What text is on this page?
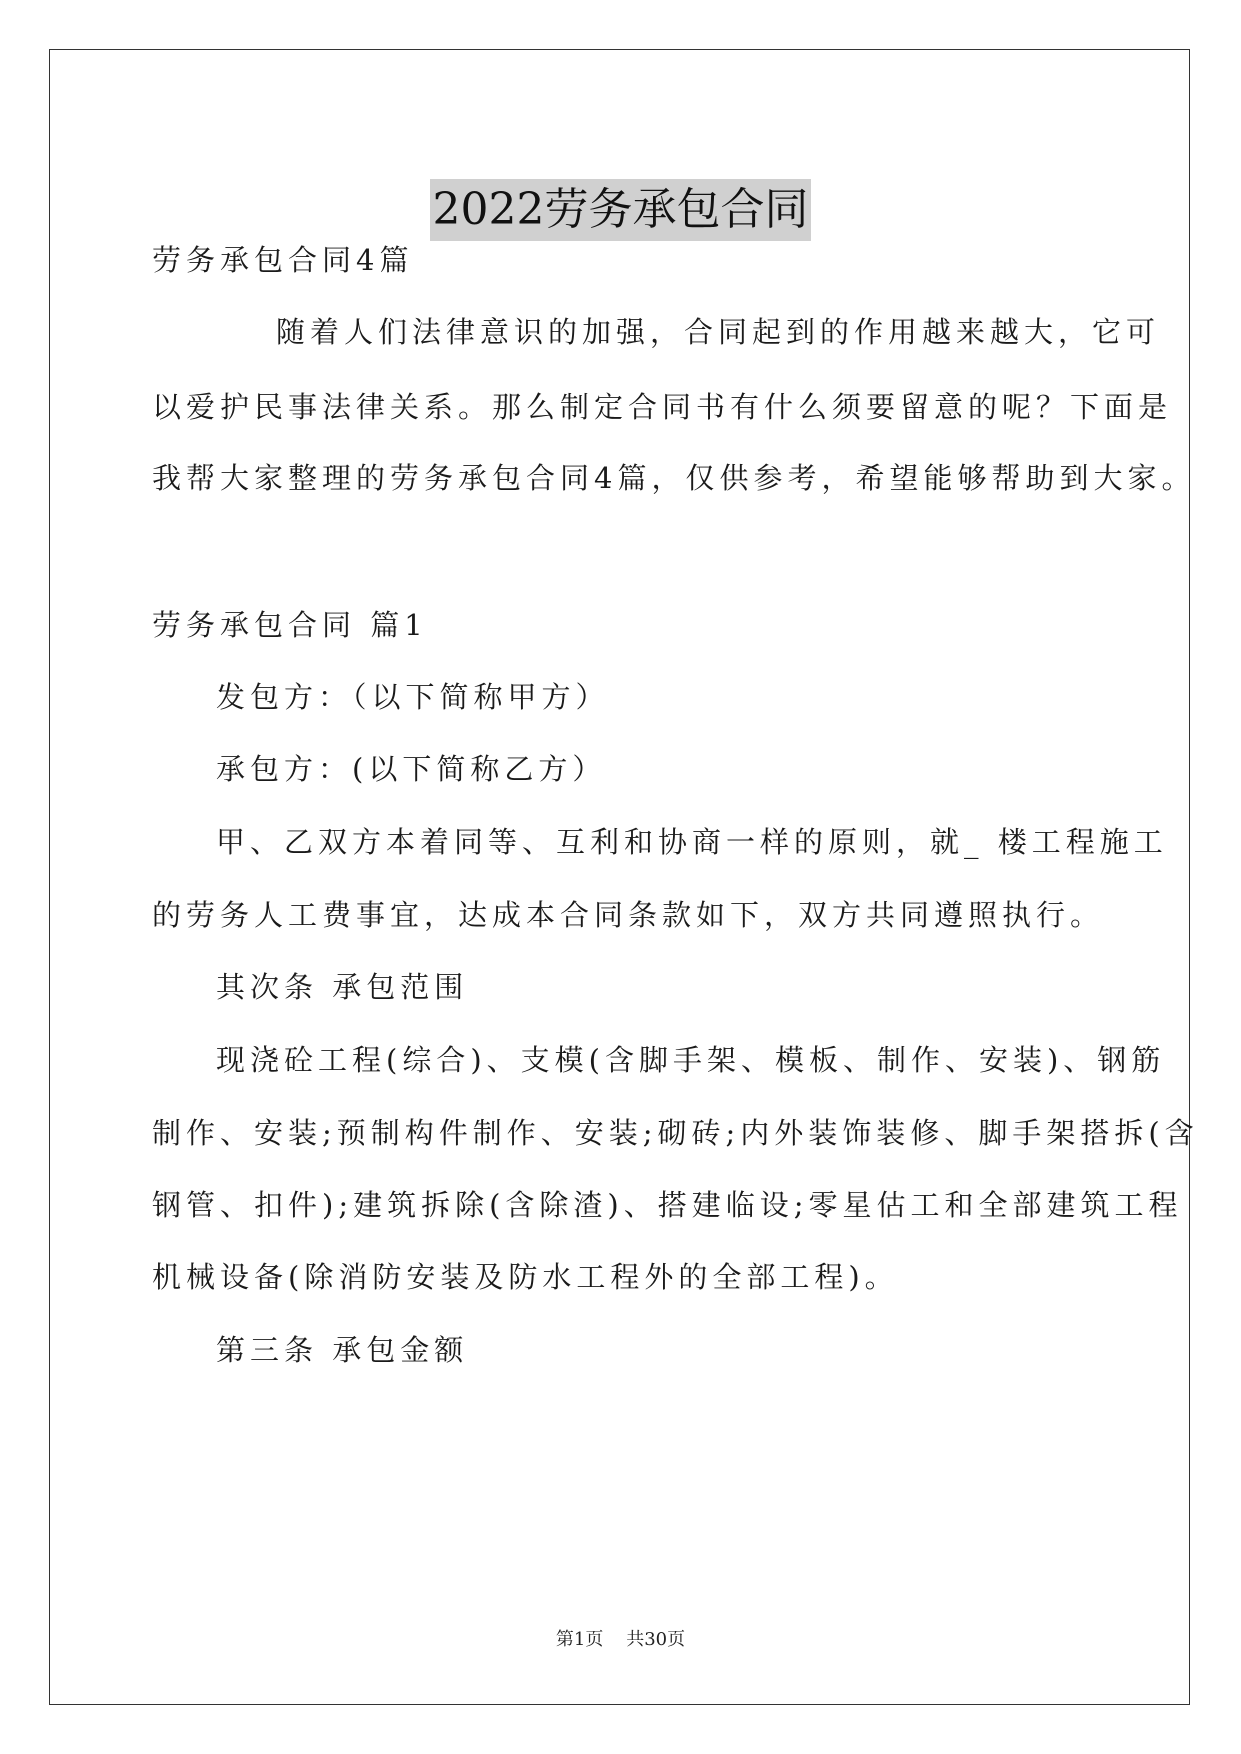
2022劳务承包合同
劳务承包合同4篇
随着人们法律意识的加强，合同起到的作用越来越大，它可
以爱护民事法律关系。那么制定合同书有什么须要留意的呢？下面是
我帮大家整理的劳务承包合同4篇，仅供参考，希望能够帮助到大家。
劳务承包合同 篇1
发包方：（以下简称甲方）
承包方：(以下简称乙方）
甲、乙双方本着同等、互利和协商一样的原则，就_ 楼工程施工
的劳务人工费事宜，达成本合同条款如下，双方共同遵照执行。
其次条 承包范围
现浇砼工程(综合)、支模(含脚手架、模板、制作、安装)、钢筋
制作、安装;预制构件制作、安装;砌砖;内外装饰装修、脚手架搭拆(含
钢管、扣件);建筑拆除(含除渣)、搭建临设;零星估工和全部建筑工程
机械设备(除消防安装及防水工程外的全部工程)。
第三条 承包金额
第1页 共30页
